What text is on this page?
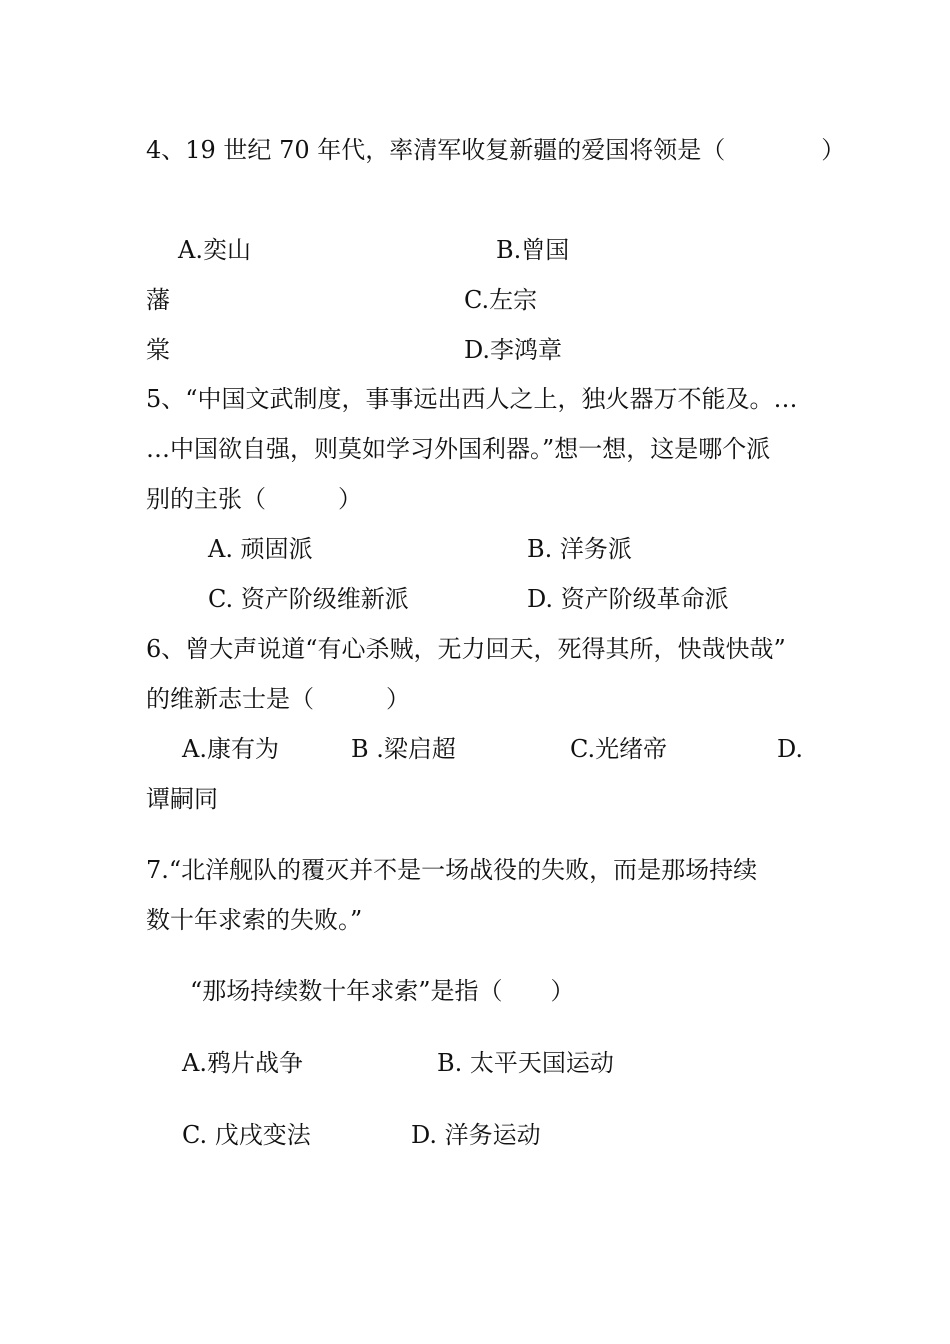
4、19 世纪 70 年代，率清军收复新疆的爱国将领是（　　　　）
A.奕山	B.曾国
藩	C.左宗
棠	D.李鸿章
5、“中国文武制度，事事远出西人之上，独火器万不能及。…
…中国欲自强，则莫如学习外国利器。”想一想，这是哪个派
别的主张（　　　）
A. 顽固派	B. 洋务派
C. 资产阶级维新派	D. 资产阶级革命派
6、曾大声说道“有心杀贼，无力回天，死得其所，快哉快哉”
的维新志士是（　　　）
A.康有为	B .梁启超	C.光绪帝	D.
谭嗣同
7.“北洋舰队的覆灭并不是一场战役的失败，而是那场持续
数十年求索的失败。”
“那场持续数十年求索”是指（　　）
A.鸦片战争	B. 太平天国运动
C. 戊戌变法	D. 洋务运动
